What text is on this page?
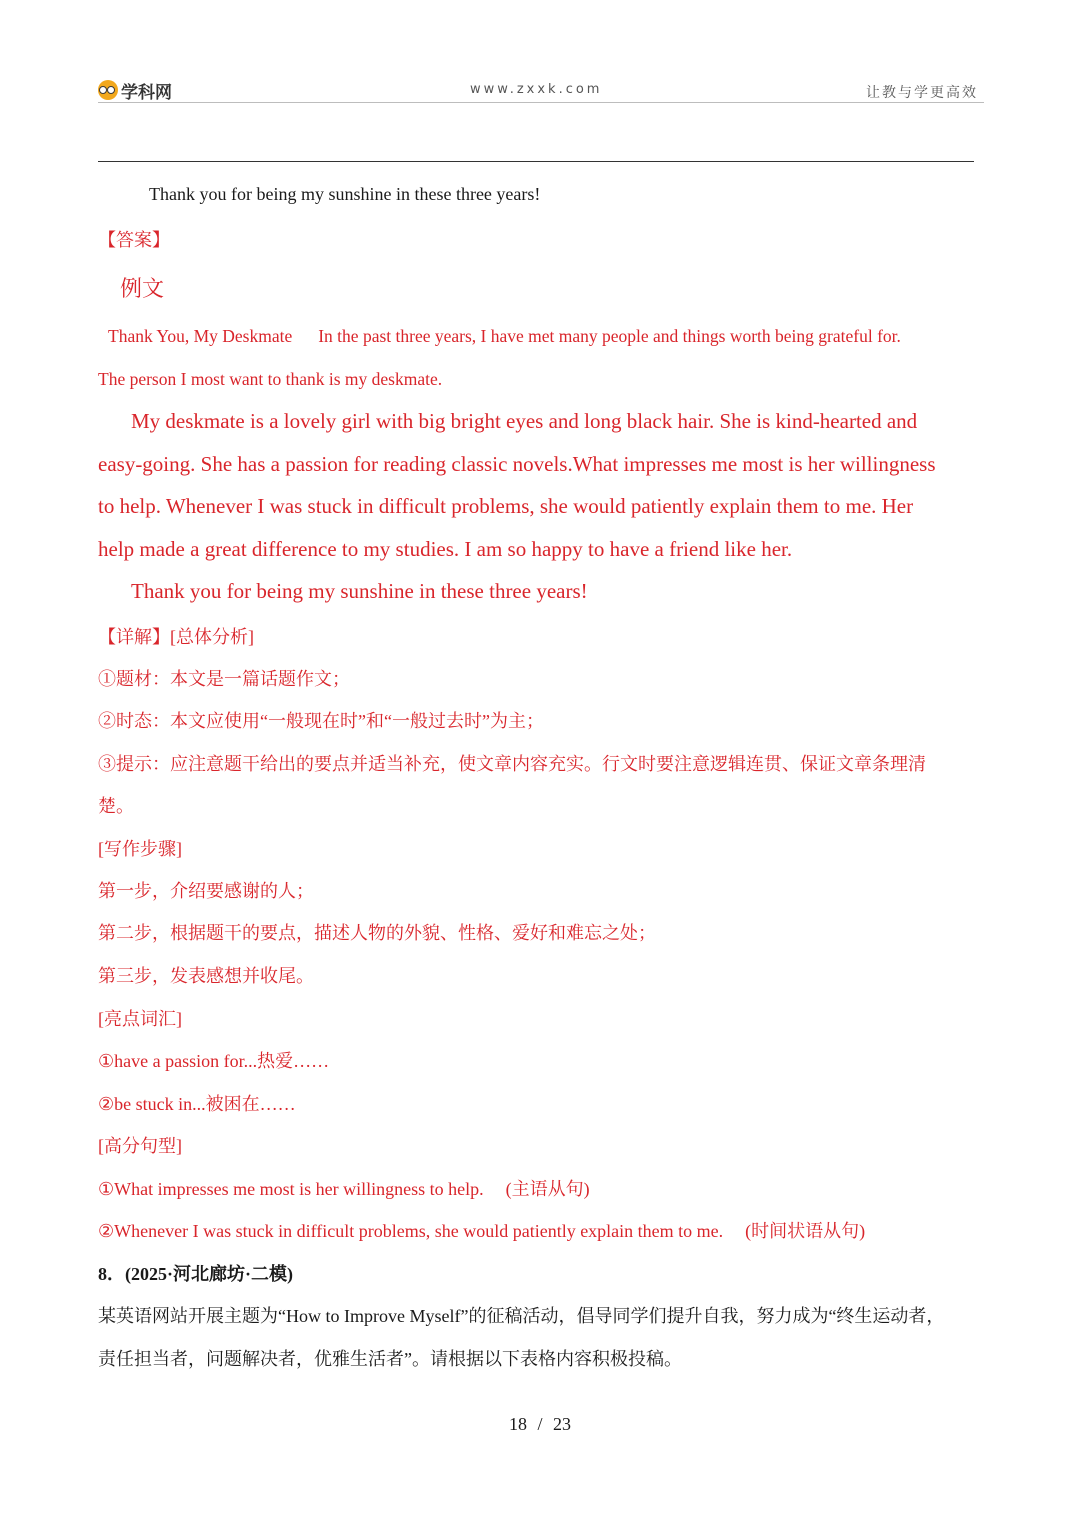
学科网	www.zxxk.com	让教与学更高效
Thank you for being my sunshine in these three years!
【答案】
例文
Thank You, My Deskmate In the past three years, I have met many people and things worth being grateful for.
The person I most want to thank is my deskmate.
My deskmate is a lovely girl with big bright eyes and long black hair. She is kind-hearted and
easy-going. She has a passion for reading classic novels.What impresses me most is her willingness
to help. Whenever I was stuck in difficult problems, she would patiently explain them to me. Her
help made a great difference to my studies. I am so happy to have a friend like her.
Thank you for being my sunshine in these three years!
【详解】[总体分析]
①题材：本文是一篇话题作文；
②时态：本文应使用“一般现在时”和“一般过去时”为主；
③提示：应注意题干给出的要点并适当补充，使文章内容充实。行文时要注意逻辑连贯、保证文章条理清
楚。
[写作步骤]
第一步，介绍要感谢的人；
第二步，根据题干的要点，描述人物的外貌、性格、爱好和难忘之处；
第三步，发表感想并收尾。
[亮点词汇]
①have a passion for...热爱……
②be stuck in...被困在……
[高分句型]
①What impresses me most is her willingness to help. (主语从句)
②Whenever I was stuck in difficult problems, she would patiently explain them to me. (时间状语从句)
8．(2025·河北廊坊·二模)
某英语网站开展主题为“How to Improve Myself”的征稿活动，倡导同学们提升自我，努力成为“终生运动者，
责任担当者，问题解决者，优雅生活者”。请根据以下表格内容积极投稿。
18 / 23
